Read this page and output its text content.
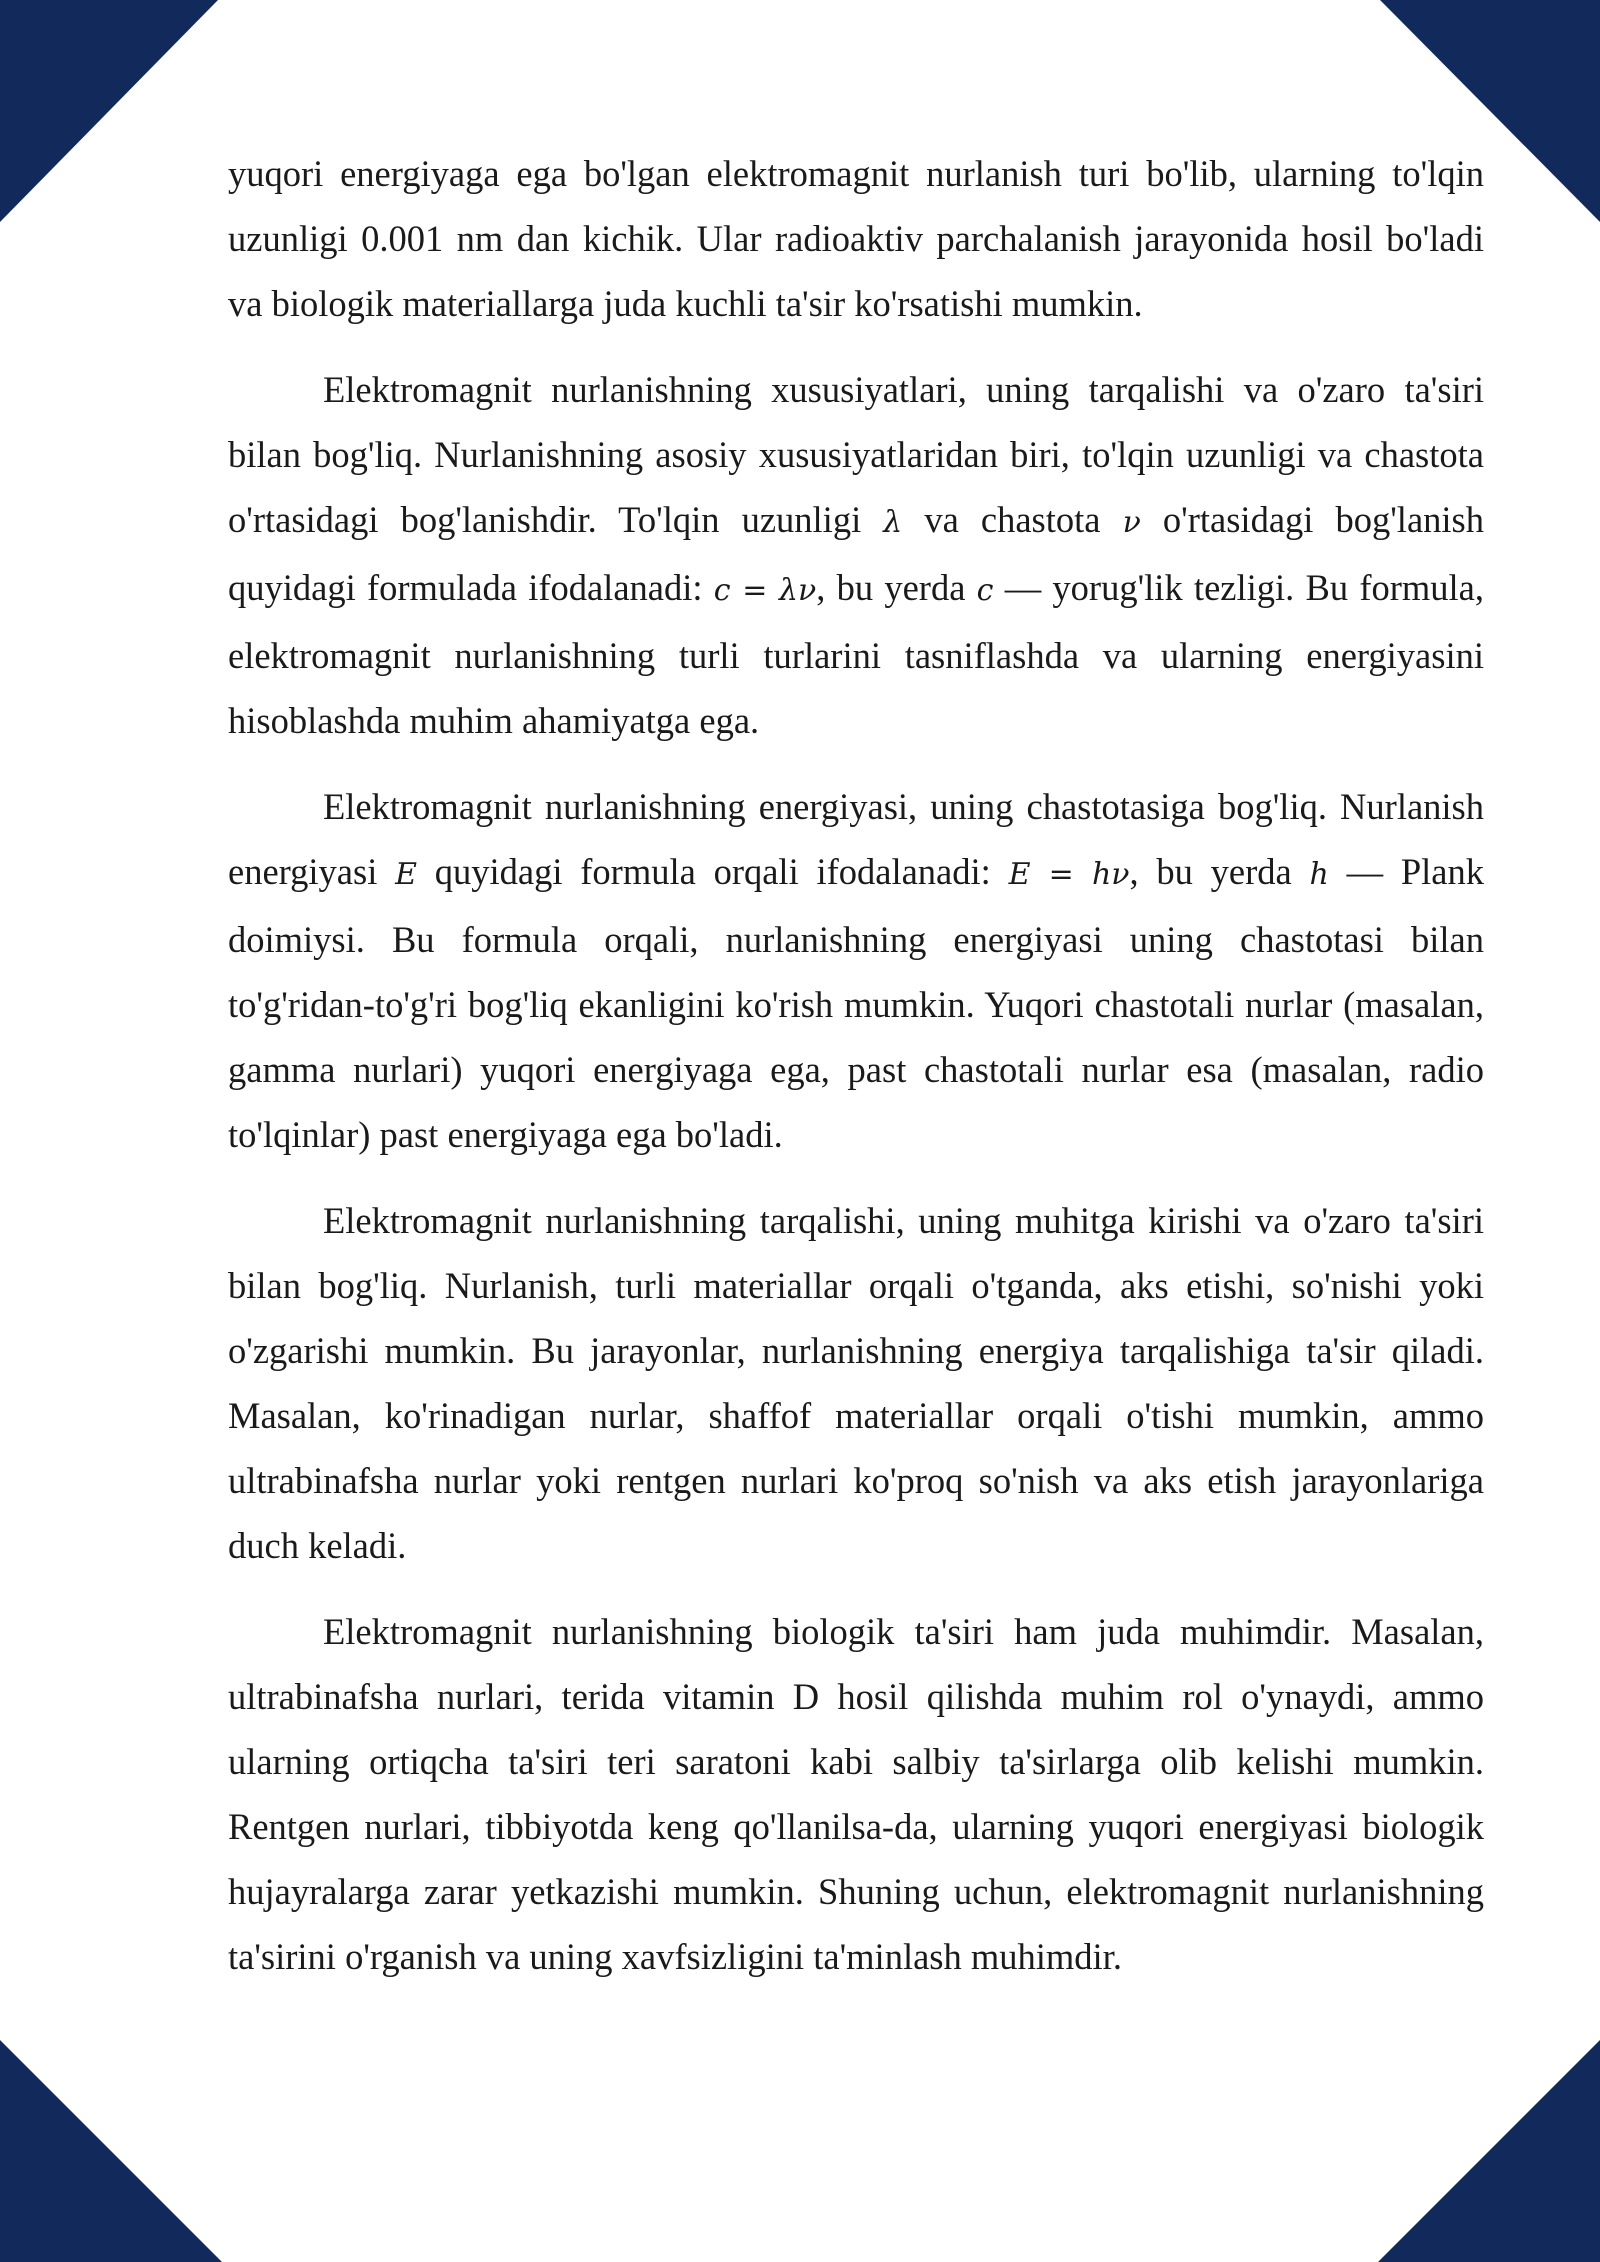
yuqori energiyaga ega bo'lgan elektromagnit nurlanish turi bo'lib, ularning to'lqin uzunligi 0.001 nm dan kichik. Ular radioaktiv parchalanish jarayonida hosil bo'ladi va biologik materiallarga juda kuchli ta'sir ko'rsatishi mumkin.

Elektromagnit nurlanishning xususiyatlari, uning tarqalishi va o'zaro ta'siri bilan bog'liq. Nurlanishning asosiy xususiyatlaridan biri, to'lqin uzunligi va chastota o'rtasidagi bog'lanishdir. To'lqin uzunligi λ va chastota ν o'rtasidagi bog'lanish quyidagi formulada ifodalanadi: c = λν, bu yerda c — yorug'lik tezligi. Bu formula, elektromagnit nurlanishning turli turlarini tasniflashda va ularning energiyasini hisoblashda muhim ahamiyatga ega.

Elektromagnit nurlanishning energiyasi, uning chastotasiga bog'liq. Nurlanish energiyasi E quyidagi formula orqali ifodalanadi: E = hν, bu yerda h — Plank doimiysi. Bu formula orqali, nurlanishning energiyasi uning chastotasi bilan to'g'ridan-to'g'ri bog'liq ekanligini ko'rish mumkin. Yuqori chastotali nurlar (masalan, gamma nurlari) yuqori energiyaga ega, past chastotali nurlar esa (masalan, radio to'lqinlar) past energiyaga ega bo'ladi.

Elektromagnit nurlanishning tarqalishi, uning muhitga kirishi va o'zaro ta'siri bilan bog'liq. Nurlanish, turli materiallar orqali o'tganda, aks etishi, so'nishi yoki o'zgarishi mumkin. Bu jarayonlar, nurlanishning energiya tarqalishiga ta'sir qiladi. Masalan, ko'rinadigan nurlar, shaffof materiallar orqali o'tishi mumkin, ammo ultrabinafsha nurlar yoki rentgen nurlari ko'proq so'nish va aks etish jarayonlariga duch keladi.

Elektromagnit nurlanishning biologik ta'siri ham juda muhimdir. Masalan, ultrabinafsha nurlari, terida vitamin D hosil qilishda muhim rol o'ynaydi, ammo ularning ortiqcha ta'siri teri saratoni kabi salbiy ta'sirlarga olib kelishi mumkin. Rentgen nurlari, tibbiyotda keng qo'llanilsa-da, ularning yuqori energiyasi biologik hujayralarga zarar yetkazishi mumkin. Shuning uchun, elektromagnit nurlanishning ta'sirini o'rganish va uning xavfsizligini ta'minlash muhimdir.
